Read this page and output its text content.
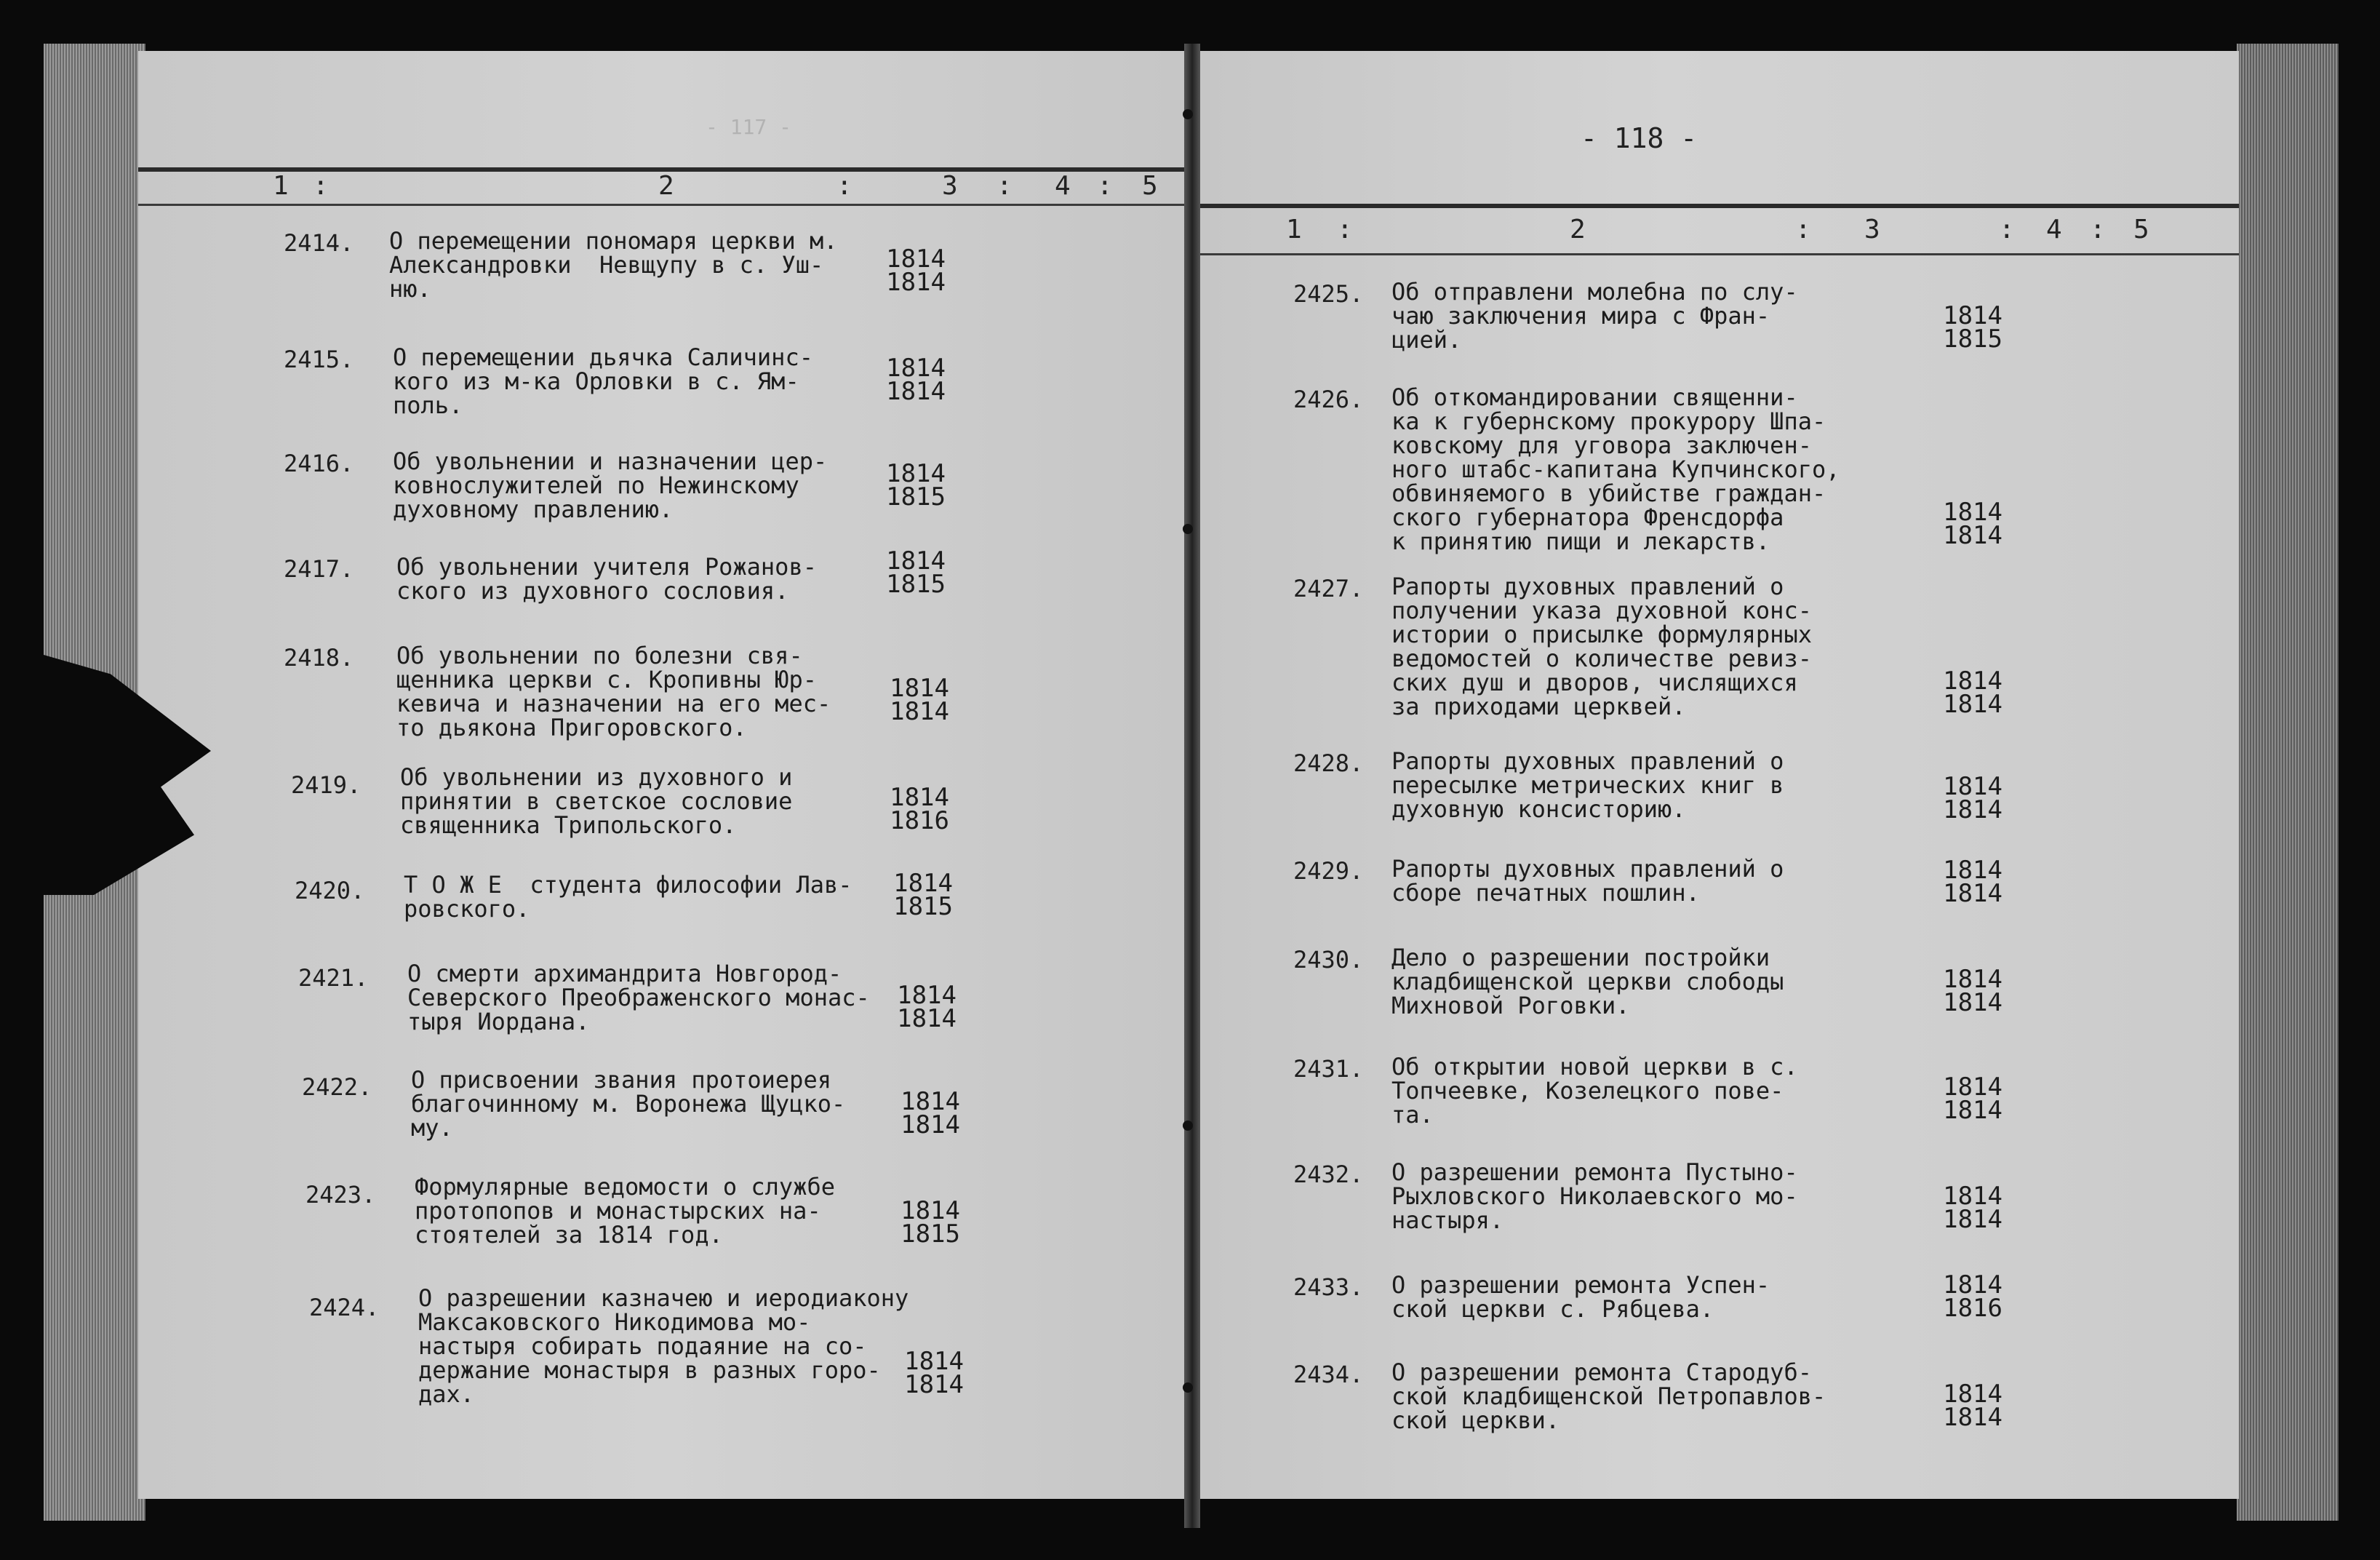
- 117 -
1 :	2	:	3 : 4 : 5
2414. О перемещении пономаря церкви м.
Александровки  Невщупу в с. Уш-
ню.
1814
1814
2415. О перемещении дьячка Саличинс-
кого из м-ка Орловки в с. Ям-
поль.
1814
1814
2416. Об увольнении и назначении цер-
ковнослужителей по Нежинскому
духовному правлению.
1814
1815
2417. Об увольнении учителя Рожанов-
ского из духовного сословия.
1814
1815
2418. Об увольнении по болезни свя-
щенника церкви с. Кропивны Юр-
кевича и назначении на его мес-
то дьякона Пригоровского.
1814
1814
2419. Об увольнении из духовного и
принятии в светское сословие
священника Трипольского.
1814
1816
2420. Т О Ж Е  студента философии Лав-
ровского.
1814
1815
2421. О смерти архимандрита Новгород-
Северского Преображенского монас-
тыря Иордана.
1814
1814
2422. О присвоении звания протоиерея
благочинному м. Воронежа Щуцко-
му.
1814
1814
2423. Формулярные ведомости о службе
протопопов и монастырских на-
стоятелей за 1814 год.
1814
1815
2424. О разрешении казначею и иеродиакону
Максаковского Никодимова мо-
настыря собирать подаяние на со-
держание монастыря в разных горо-
дах.
1814
1814
- 118 -
1 :	2	: 3	: 4 : 5
2425. Об отправлени молебна по слу-
чаю заключения мира с Фран-
цией.
1814
1815
2426. Об откомандировании священни-
ка к губернскому прокурору Шпа-
ковскому для уговора заключен-
ного штабс-капитана Купчинского,
обвиняемого в убийстве граждан-
ского губернатора Френсдорфа
к принятию пищи и лекарств.
1814
1814
2427. Рапорты духовных правлений о
получении указа духовной конс-
истории о присылке формулярных
ведомостей о количестве ревиз-
ских душ и дворов, числящихся
за приходами церквей.
1814
1814
2428. Рапорты духовных правлений о
пересылке метрических книг в
духовную консисторию.
1814
1814
2429. Рапорты духовных правлений о
сборе печатных пошлин.
1814
1814
2430. Дело о разрешении постройки
кладбищенской церкви слободы
Михновой Роговки.
1814
1814
2431. Об открытии новой церкви в с.
Топчеевке, Козелецкого пове-
та.
1814
1814
2432. О разрешении ремонта Пустыно-
Рыхловского Николаевского мо-
настыря.
1814
1814
2433. О разрешении ремонта Успен-
ской церкви с. Рябцева.
1814
1816
2434. О разрешении ремонта Стародуб-
ской кладбищенской Петропавлов-
ской церкви.
1814
1814
